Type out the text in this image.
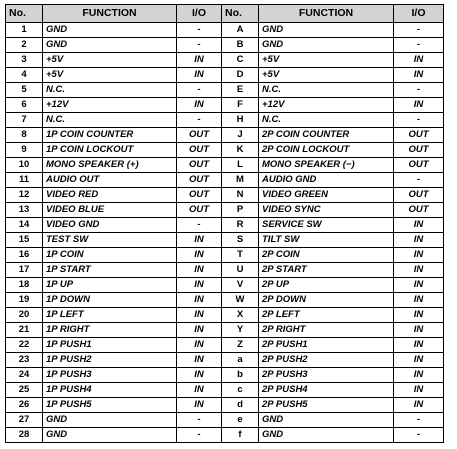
No.	FUNCTION	I/O	No.	FUNCTION	I/O
1	GND	-	A	GND	-
2	GND	-	B	GND	-
3	+5V	IN	C	+5V	IN
4	+5V	IN	D	+5V	IN
5	N.C.	-	E	N.C.	-
6	+12V	IN	F	+12V	IN
7	N.C.	-	H	N.C.	-
8	1P COIN COUNTER	OUT	J	2P COIN COUNTER	OUT
9	1P COIN LOCKOUT	OUT	K	2P COIN LOCKOUT	OUT
10	MONO SPEAKER (+)	OUT	L	MONO SPEAKER (−)	OUT
11	AUDIO OUT	OUT	M	AUDIO GND	-
12	VIDEO RED	OUT	N	VIDEO GREEN	OUT
13	VIDEO BLUE	OUT	P	VIDEO SYNC	OUT
14	VIDEO GND	-	R	SERVICE SW	IN
15	TEST SW	IN	S	TILT SW	IN
16	1P COIN	IN	T	2P COIN	IN
17	1P START	IN	U	2P START	IN
18	1P UP	IN	V	2P UP	IN
19	1P DOWN	IN	W	2P DOWN	IN
20	1P LEFT	IN	X	2P LEFT	IN
21	1P RIGHT	IN	Y	2P RIGHT	IN
22	1P PUSH1	IN	Z	2P PUSH1	IN
23	1P PUSH2	IN	a	2P PUSH2	IN
24	1P PUSH3	IN	b	2P PUSH3	IN
25	1P PUSH4	IN	c	2P PUSH4	IN
26	1P PUSH5	IN	d	2P PUSH5	IN
27	GND	-	e	GND	-
28	GND	-	f	GND	-
